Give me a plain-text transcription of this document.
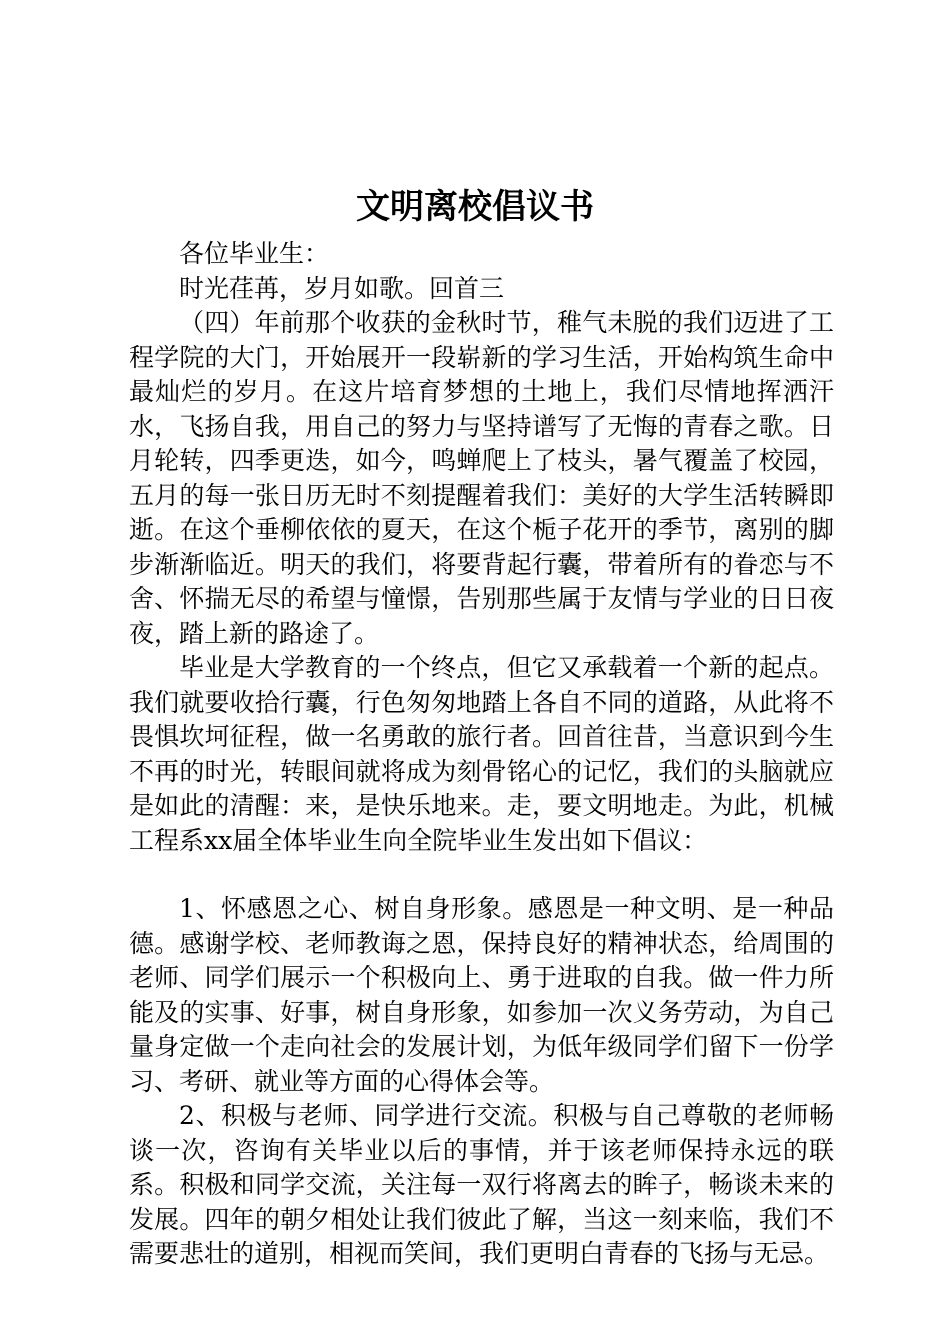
文明离校倡议书

各位毕业生：

时光荏苒，岁月如歌。回首三

（四）年前那个收获的金秋时节，稚气未脱的我们迈进了工程学院的大门，开始展开一段崭新的学习生活，开始构筑生命中最灿烂的岁月。在这片培育梦想的土地上，我们尽情地挥洒汗水，飞扬自我，用自己的努力与坚持谱写了无悔的青春之歌。日月轮转，四季更迭，如今，鸣蝉爬上了枝头，暑气覆盖了校园，五月的每一张日历无时不刻提醒着我们：美好的大学生活转瞬即逝。在这个垂柳依依的夏天，在这个栀子花开的季节，离别的脚步渐渐临近。明天的我们，将要背起行囊，带着所有的眷恋与不舍、怀揣无尽的希望与憧憬，告别那些属于友情与学业的日日夜夜，踏上新的路途了。

毕业是大学教育的一个终点，但它又承载着一个新的起点。我们就要收拾行囊，行色匆匆地踏上各自不同的道路，从此将不畏惧坎坷征程，做一名勇敢的旅行者。回首往昔，当意识到今生不再的时光，转眼间就将成为刻骨铭心的记忆，我们的头脑就应是如此的清醒：来，是快乐地来。走，要文明地走。为此，机械工程系xx届全体毕业生向全院毕业生发出如下倡议：

1、怀感恩之心、树自身形象。感恩是一种文明、是一种品德。感谢学校、老师教诲之恩，保持良好的精神状态，给周围的老师、同学们展示一个积极向上、勇于进取的自我。做一件力所能及的实事、好事，树自身形象，如参加一次义务劳动，为自己量身定做一个走向社会的发展计划，为低年级同学们留下一份学习、考研、就业等方面的心得体会等。

2、积极与老师、同学进行交流。积极与自己尊敬的老师畅谈一次，咨询有关毕业以后的事情，并于该老师保持永远的联系。积极和同学交流，关注每一双行将离去的眸子，畅谈未来的发展。四年的朝夕相处让我们彼此了解，当这一刻来临，我们不需要悲壮的道别，相视而笑间，我们更明白青春的飞扬与无忌。
